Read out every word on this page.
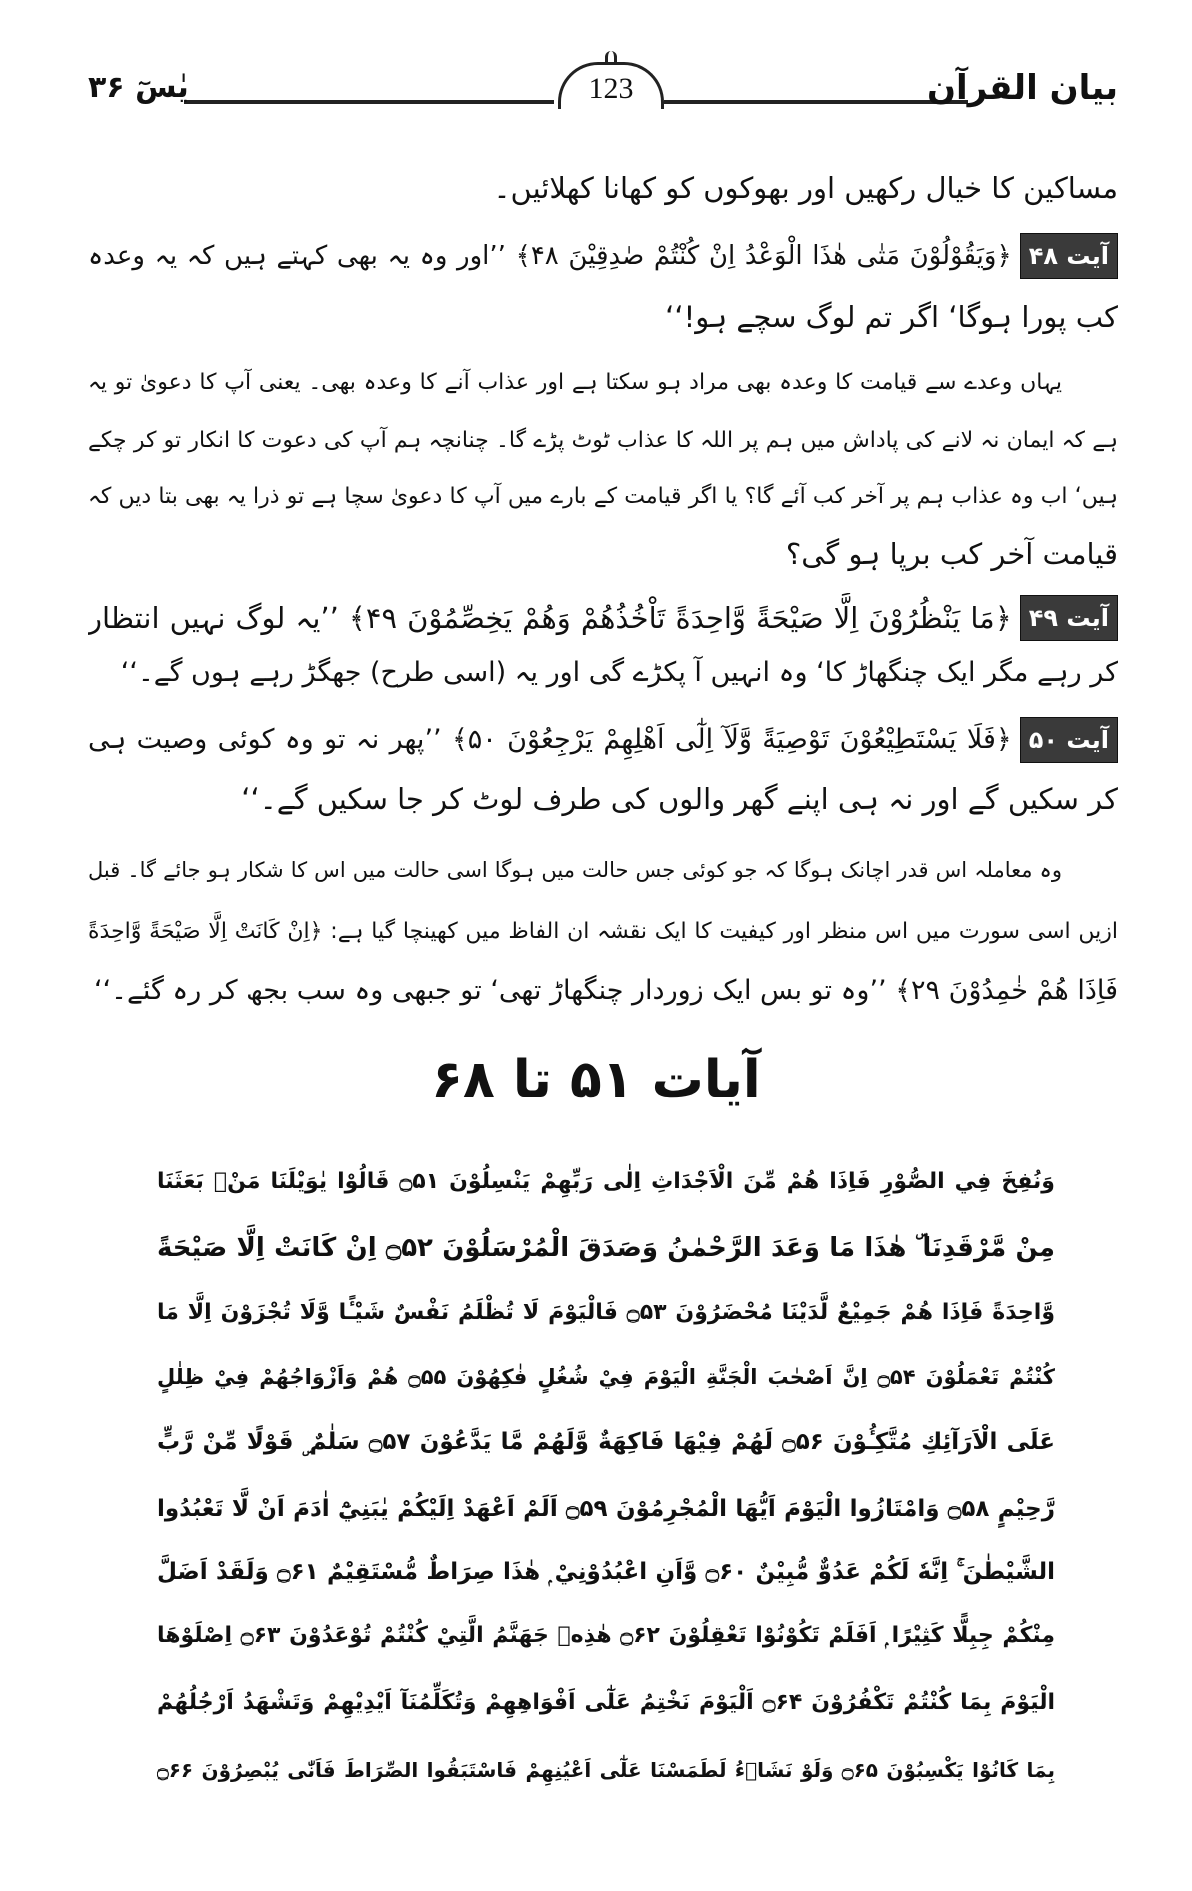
بیان القرآن
123
یٰسٓ ۳۶
مساکین کا خیال رکھیں اور بھوکوں کو کھانا کھلائیں۔
آیت ۴۸
﴿وَيَقُوْلُوْنَ مَتٰى هٰذَا الْوَعْدُ اِنْ كُنْتُمْ صٰدِقِيْنَ ۴۸﴾ ’’اور وہ یہ بھی کہتے ہیں کہ یہ وعدہ
کب پورا ہوگا‘ اگر تم لوگ سچے ہو!‘‘
یہاں وعدے سے قیامت کا وعدہ بھی مراد ہو سکتا ہے اور عذاب آنے کا وعدہ بھی۔ یعنی آپ کا دعویٰ تو یہ
ہے کہ ایمان نہ لانے کی پاداش میں ہم پر اللہ کا عذاب ٹوٹ پڑے گا۔ چنانچہ ہم آپ کی دعوت کا انکار تو کر چکے
ہیں‘ اب وہ عذاب ہم پر آخر کب آئے گا؟ یا اگر قیامت کے بارے میں آپ کا دعویٰ سچا ہے تو ذرا یہ بھی بتا دیں کہ
قیامت آخر کب برپا ہو گی؟
آیت ۴۹
﴿مَا يَنْظُرُوْنَ اِلَّا صَيْحَةً وَّاحِدَةً تَاْخُذُهُمْ وَهُمْ يَخِصِّمُوْنَ ۴۹﴾ ’’یہ لوگ نہیں انتظار
کر رہے مگر ایک چنگھاڑ کا‘ وہ انہیں آ پکڑے گی اور یہ (اسی طرح) جھگڑ رہے ہوں گے۔‘‘
آیت ۵۰
﴿فَلَا يَسْتَطِيْعُوْنَ تَوْصِيَةً وَّلَآ اِلٰٓى اَهْلِهِمْ يَرْجِعُوْنَ ۵۰﴾ ’’پھر نہ تو وہ کوئی وصیت ہی
کر سکیں گے اور نہ ہی اپنے گھر والوں کی طرف لوٹ کر جا سکیں گے۔‘‘
وہ معاملہ اس قدر اچانک ہوگا کہ جو کوئی جس حالت میں ہوگا اسی حالت میں اس کا شکار ہو جائے گا۔ قبل
ازیں اسی سورت میں اس منظر اور کیفیت کا ایک نقشہ ان الفاظ میں کھینچا گیا ہے: ﴿اِنْ كَانَتْ اِلَّا صَيْحَةً وَّاحِدَةً
فَاِذَا هُمْ خٰمِدُوْنَ ۲۹﴾ ’’وہ تو بس ایک زوردار چنگھاڑ تھی‘ تو جبھی وہ سب بجھ کر رہ گئے۔‘‘
آیات ۵۱ تا ۶۸
وَنُفِخَ فِي الصُّوْرِ فَاِذَا هُمْ مِّنَ الْاَجْدَاثِ اِلٰى رَبِّهِمْ يَنْسِلُوْنَ ۝۵۱ قَالُوْا يٰوَيْلَنَا مَنْۢ بَعَثَنَا
مِنْ مَّرْقَدِنَا ۜ هٰذَا مَا وَعَدَ الرَّحْمٰنُ وَصَدَقَ الْمُرْسَلُوْنَ ۝۵۲ اِنْ كَانَتْ اِلَّا صَيْحَةً
وَّاحِدَةً فَاِذَا هُمْ جَمِيْعٌ لَّدَيْنَا مُحْضَرُوْنَ ۝۵۳ فَالْيَوْمَ لَا تُظْلَمُ نَفْسٌ شَيْـًٔا وَّلَا تُجْزَوْنَ اِلَّا مَا
كُنْتُمْ تَعْمَلُوْنَ ۝۵۴ اِنَّ اَصْحٰبَ الْجَنَّةِ الْيَوْمَ فِيْ شُغُلٍ فٰكِهُوْنَ ۝۵۵ هُمْ وَاَزْوَاجُهُمْ فِيْ ظِلٰلٍ
عَلَى الْاَرَآئِكِ مُتَّكِـُٔوْنَ ۝۵۶ لَهُمْ فِيْهَا فَاكِهَةٌ وَّلَهُمْ مَّا يَدَّعُوْنَ ۝۵۷ سَلٰمٌ ۣ قَوْلًا مِّنْ رَّبٍّ
رَّحِيْمٍ ۝۵۸ وَامْتَازُوا الْيَوْمَ اَيُّهَا الْمُجْرِمُوْنَ ۝۵۹ اَلَمْ اَعْهَدْ اِلَيْكُمْ يٰبَنِيْٓ اٰدَمَ اَنْ لَّا تَعْبُدُوا
الشَّيْطٰنَ ۚ اِنَّهٗ لَكُمْ عَدُوٌّ مُّبِيْنٌ ۝۶۰ وَّاَنِ اعْبُدُوْنِيْ ۭ هٰذَا صِرَاطٌ مُّسْتَقِيْمٌ ۝۶۱ وَلَقَدْ اَضَلَّ
مِنْكُمْ جِبِلًّا كَثِيْرًا ۭ اَفَلَمْ تَكُوْنُوْا تَعْقِلُوْنَ ۝۶۲ هٰذِهٖ جَهَنَّمُ الَّتِيْ كُنْتُمْ تُوْعَدُوْنَ ۝۶۳ اِصْلَوْهَا
الْيَوْمَ بِمَا كُنْتُمْ تَكْفُرُوْنَ ۝۶۴ اَلْيَوْمَ نَخْتِمُ عَلٰٓى اَفْوَاهِهِمْ وَتُكَلِّمُنَآ اَيْدِيْهِمْ وَتَشْهَدُ اَرْجُلُهُمْ
بِمَا كَانُوْا يَكْسِبُوْنَ ۝۶۵ وَلَوْ نَشَاۗءُ لَطَمَسْنَا عَلٰٓى اَعْيُنِهِمْ فَاسْتَبَقُوا الصِّرَاطَ فَاَنّٰى يُبْصِرُوْنَ ۝۶۶
